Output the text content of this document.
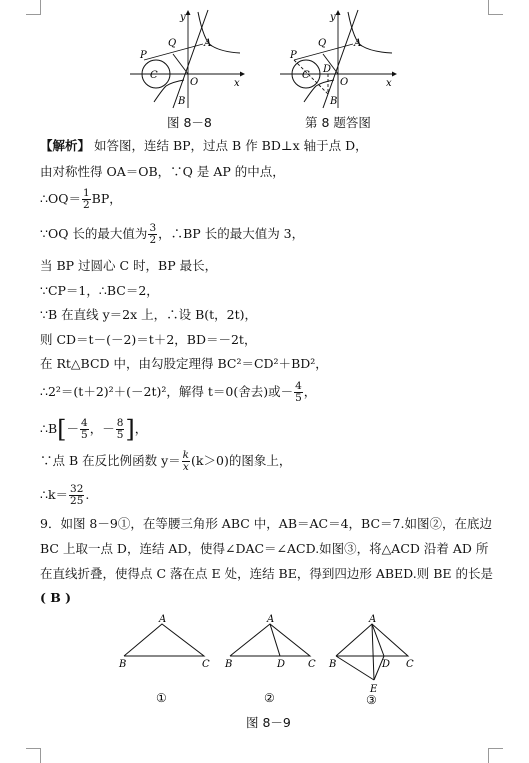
y
x
O
A
Q
P
C
B
图 8－8
y
x
O
A
Q
P
C
D
B
第 8 题答图
【解析】 如答图，连结 BP，过点 B 作 BD⊥x 轴于点 D，
由对称性得 OA＝OB，∵Q 是 AP 的中点，
∴OQ＝ $\frac{1}{2}$ BP，
∵OQ 长的最大值为 $\frac{3}{2}$ ，∴BP 长的最大值为 3，
当 BP 过圆心 C 时，BP 最长，
∵CP＝1，∴BC＝2，
∵B 在直线 y＝2x 上，∴设 B(t，2t)，
则 CD＝t－(－2)＝t＋2，BD＝－2t，
在 Rt△BCD 中，由勾股定理得 BC²＝CD²＋BD²，
∴2²＝(t＋2)²＋(－2t)²，解得 t＝0(舍去)或－ $\frac{4}{5}$ ，
∴B[－ $\frac{4}{5}$ ，－ $\frac{8}{5}$ ]，
∵点 B 在反比例函数 $y= \frac{k}{x} (k>0)$的图象上，
∴k＝ $\frac{32}{25}$ .
9．如图 8－9①，在等腰三角形 ABC 中，AB＝AC＝4，BC＝7.如图②，在底边
BC 上取一点 D，连结 AD，使得∠DAC＝∠ACD.如图③，将△ACD 沿着 AD 所
在直线折叠，使得点 C 落在点 E 处，连结 BE，得到四边形 ABED.则 BE 的长是
( B )
A
B	C
①
A
B	D C
②
A
B	D C
E
③
图 8－9
